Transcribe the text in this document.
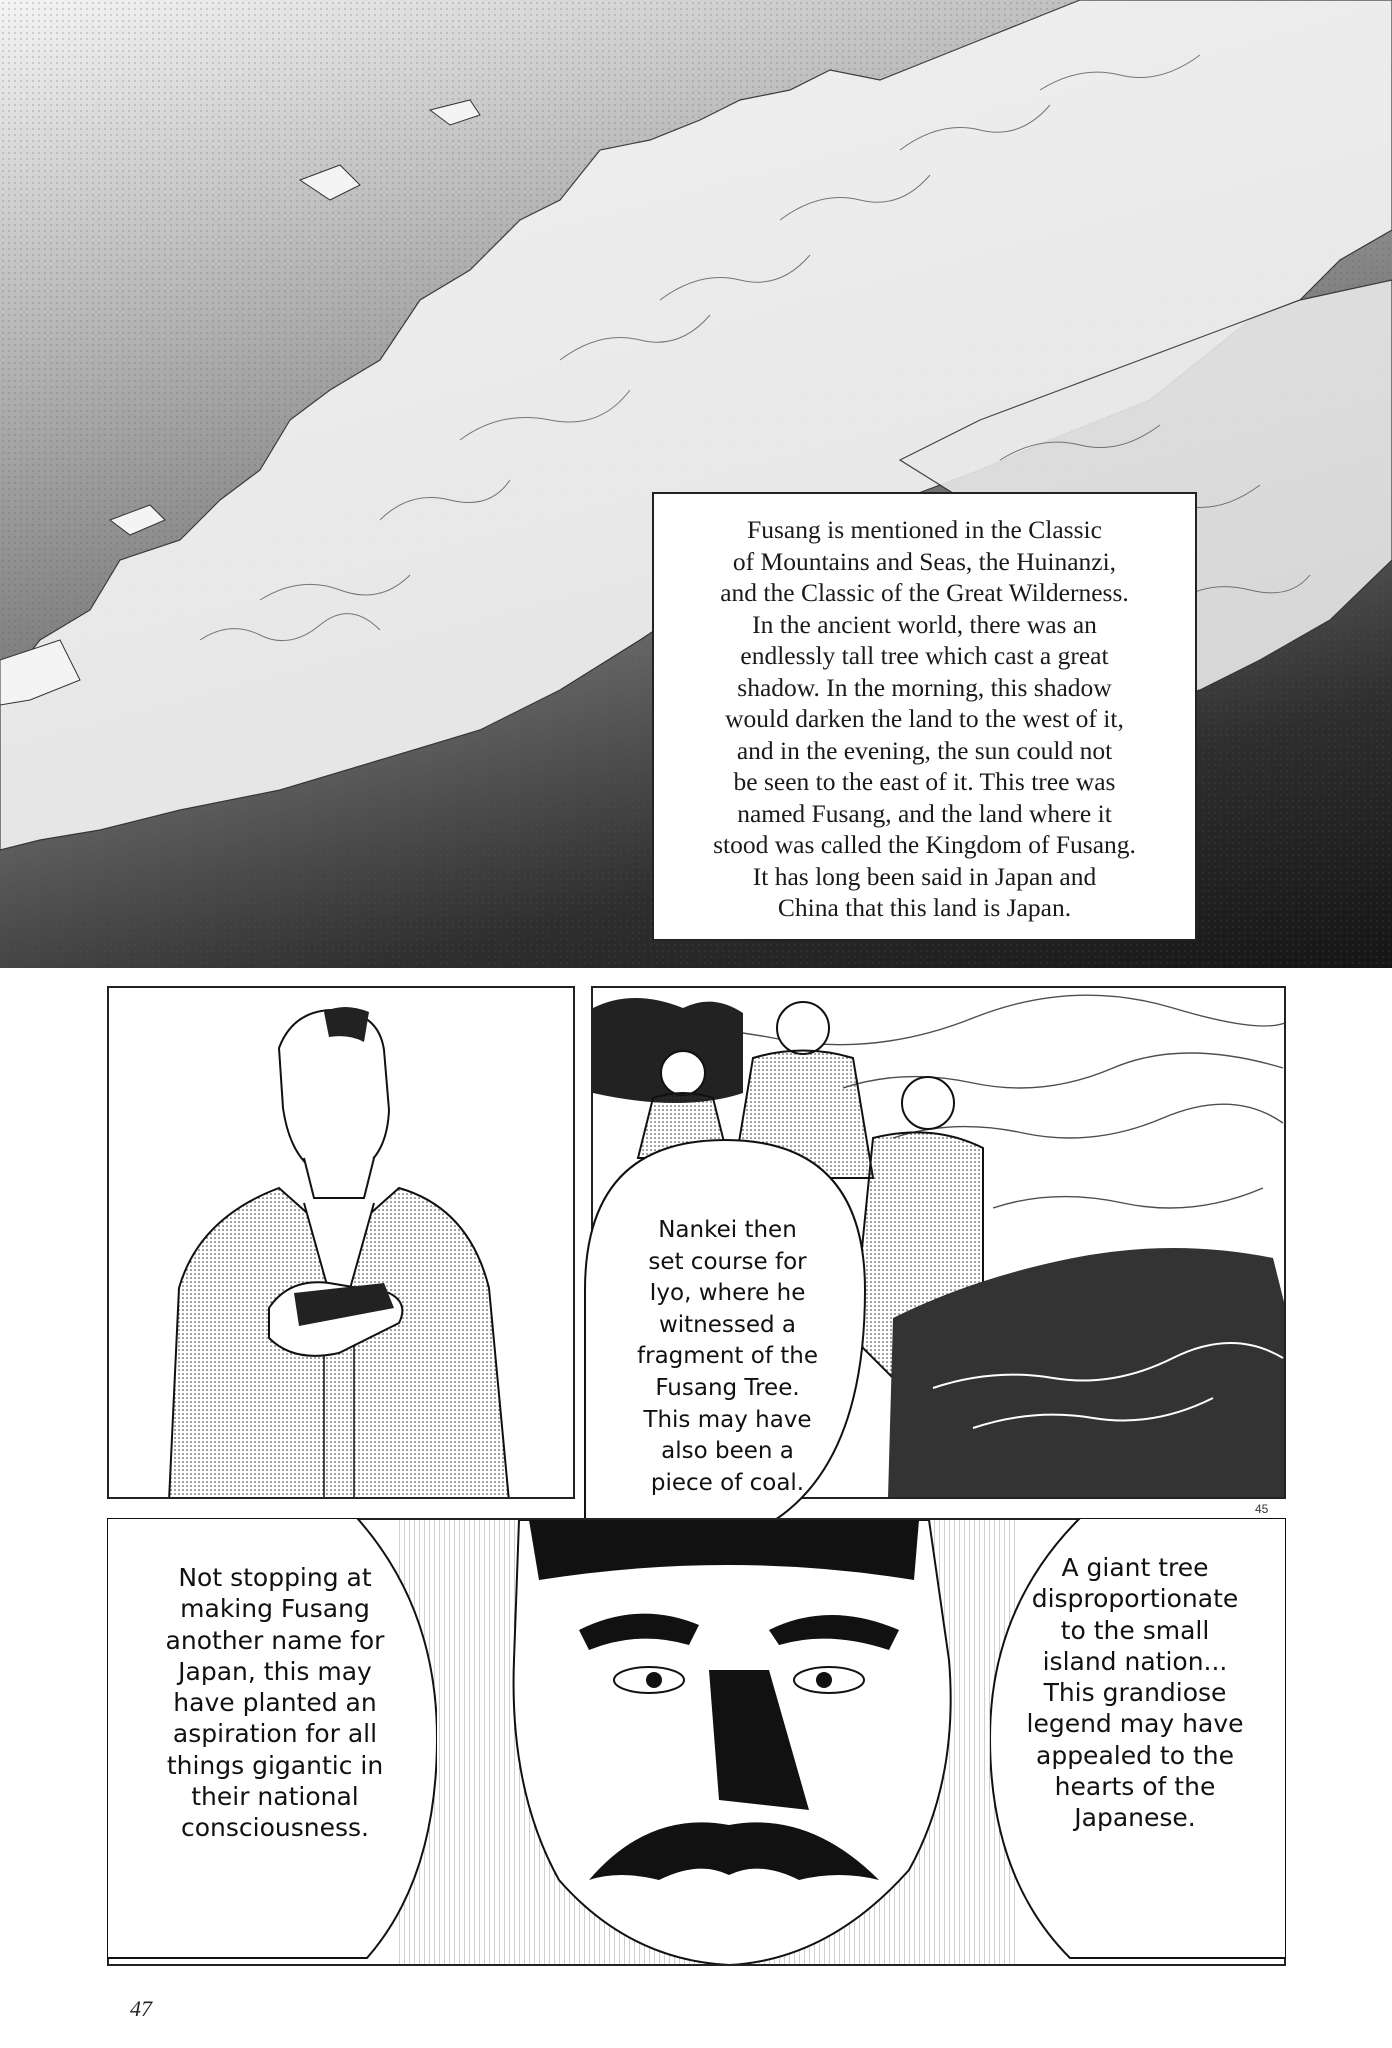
Fusang is mentioned in the Classic
of Mountains and Seas, the Huinanzi,
and the Classic of the Great Wilderness.
In the ancient world, there was an
endlessly tall tree which cast a great
shadow. In the morning, this shadow
would darken the land to the west of it,
and in the evening, the sun could not
be seen to the east of it. This tree was
named Fusang, and the land where it
stood was called the Kingdom of Fusang.
It has long been said in Japan and
China that this land is Japan.
Nankei then
set course for
Iyo, where he
witnessed a
fragment of the
Fusang Tree.
This may have
also been a
piece of coal.
45
Not stopping at
making Fusang
another name for
Japan, this may
have planted an
aspiration for all
things gigantic in
their national
consciousness.
A giant tree
disproportionate
to the small
island nation...
This grandiose
legend may have
appealed to the
hearts of the
Japanese.
47
